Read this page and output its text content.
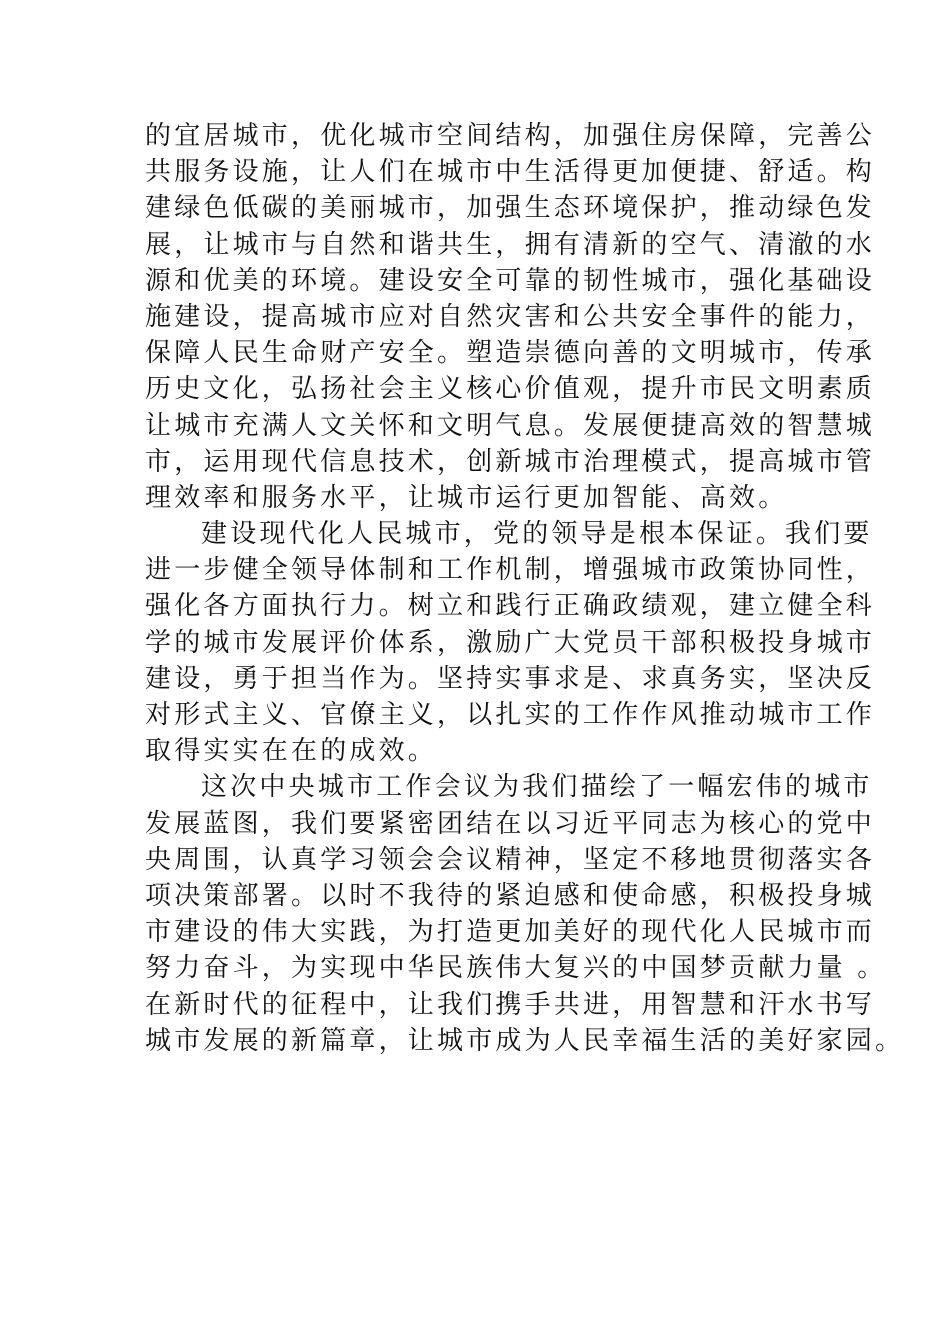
的宜居城市，优化城市空间结构，加强住房保障，完善公
共服务设施，让人们在城市中生活得更加便捷、舒适。构
建绿色低碳的美丽城市，加强生态环境保护，推动绿色发
展，让城市与自然和谐共生，拥有清新的空气、清澈的水
源和优美的环境。建设安全可靠的韧性城市，强化基础设
施建设，提高城市应对自然灾害和公共安全事件的能力，
保障人民生命财产安全。塑造崇德向善的文明城市，传承
历史文化，弘扬社会主义核心价值观，提升市民文明素质
让城市充满人文关怀和文明气息。发展便捷高效的智慧城
市，运用现代信息技术，创新城市治理模式，提高城市管
理效率和服务水平，让城市运行更加智能、高效。
建设现代化人民城市，党的领导是根本保证。我们要
进一步健全领导体制和工作机制，增强城市政策协同性，
强化各方面执行力。树立和践行正确政绩观，建立健全科
学的城市发展评价体系，激励广大党员干部积极投身城市
建设，勇于担当作为。坚持实事求是、求真务实，坚决反
对形式主义、官僚主义，以扎实的工作作风推动城市工作
取得实实在在的成效。
这次中央城市工作会议为我们描绘了一幅宏伟的城市
发展蓝图，我们要紧密团结在以习近平同志为核心的党中
央周围，认真学习领会会议精神，坚定不移地贯彻落实各
项决策部署。以时不我待的紧迫感和使命感，积极投身城
市建设的伟大实践，为打造更加美好的现代化人民城市而
努力奋斗，为实现中华民族伟大复兴的中国梦贡献力量 。
在新时代的征程中，让我们携手共进，用智慧和汗水书写
城市发展的新篇章，让城市成为人民幸福生活的美好家园。
